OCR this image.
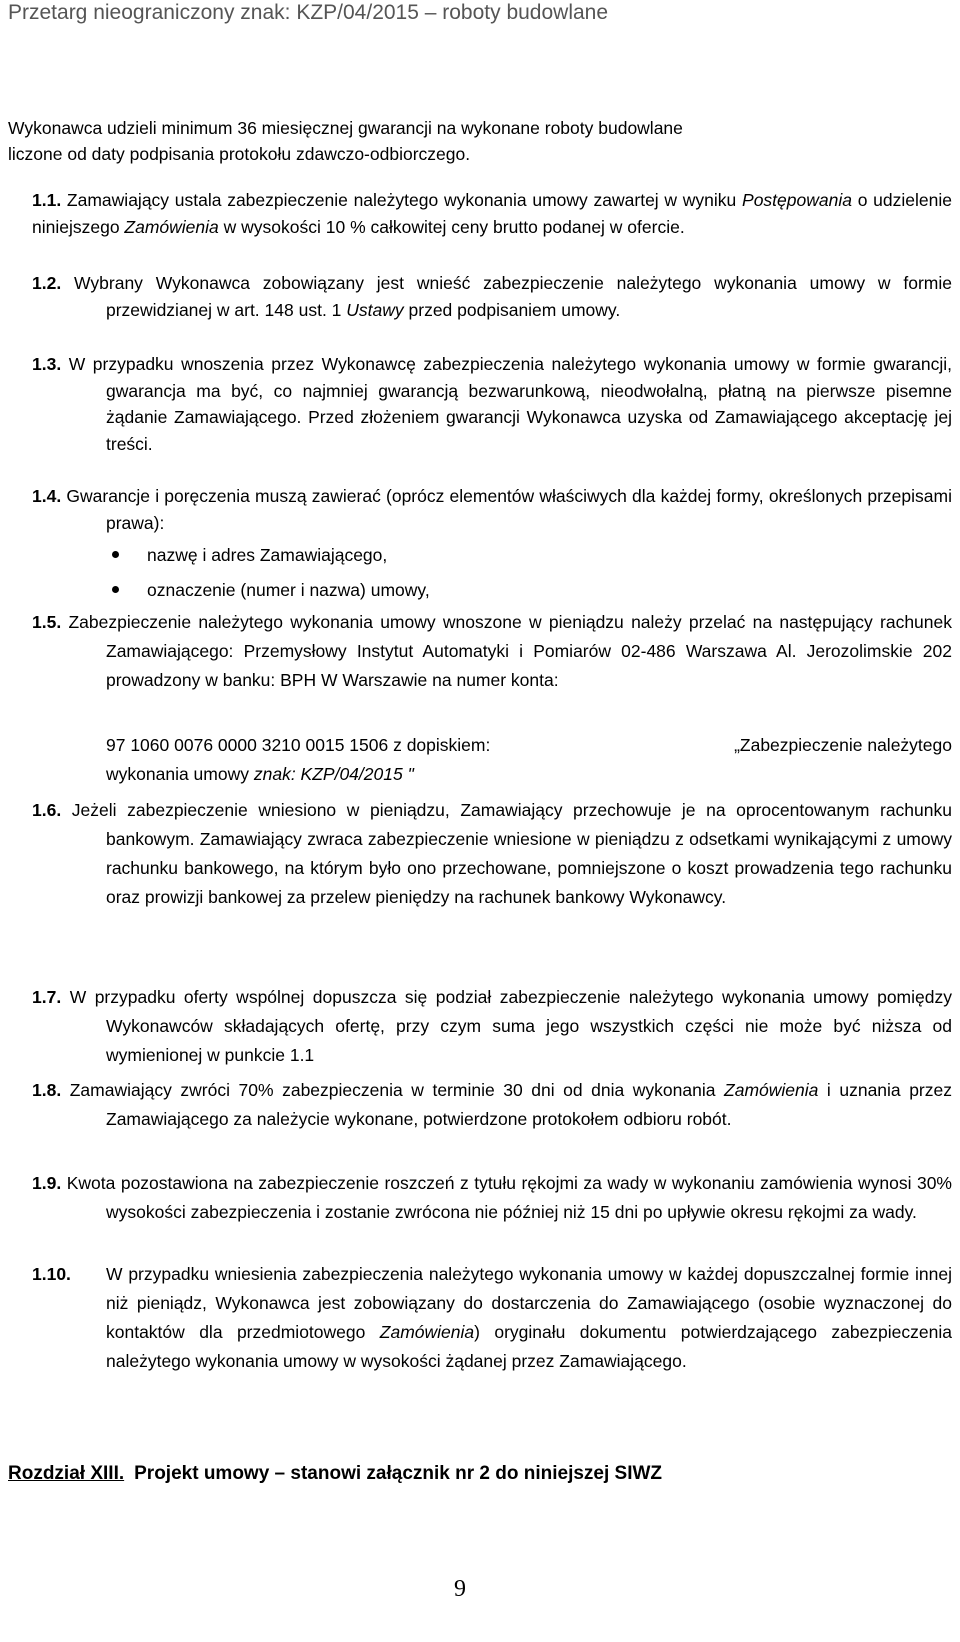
Przetarg nieograniczony znak: KZP/04/2015 – roboty budowlane
Wykonawca udzieli minimum 36 miesięcznej gwarancji na wykonane roboty budowlane
liczone od daty podpisania protokołu zdawczo-odbiorczego.
1.1. Zamawiający ustala zabezpieczenie należytego wykonania umowy zawartej w wyniku Postępowania o udzielenie niniejszego Zamówienia w wysokości 10 % całkowitej ceny brutto podanej w ofercie.
1.2. Wybrany Wykonawca zobowiązany jest wnieść zabezpieczenie należytego wykonania umowy w formie przewidzianej w art. 148 ust. 1 Ustawy przed podpisaniem umowy.
1.3. W przypadku wnoszenia przez Wykonawcę zabezpieczenia należytego wykonania umowy w formie gwarancji, gwarancja ma być, co najmniej gwarancją bezwarunkową, nieodwołalną, płatną na pierwsze pisemne żądanie Zamawiającego. Przed złożeniem gwarancji Wykonawca uzyska od Zamawiającego akceptację jej treści.
1.4. Gwarancje i poręczenia muszą zawierać (oprócz elementów właściwych dla każdej formy, określonych przepisami prawa):
nazwę i adres Zamawiającego,
oznaczenie (numer i nazwa) umowy,
1.5. Zabezpieczenie należytego wykonania umowy wnoszone w pieniądzu należy przelać na następujący rachunek Zamawiającego: Przemysłowy Instytut Automatyki i Pomiarów 02-486 Warszawa Al. Jerozolimskie 202 prowadzony w banku: BPH W Warszawie na numer konta:
97 1060 0076 0000 3210 0015 1506 z dopiskiem:	„Zabezpieczenie należytego
wykonania umowy znak: KZP/04/2015 "
1.6. Jeżeli zabezpieczenie wniesiono w pieniądzu, Zamawiający przechowuje je na oprocentowanym rachunku bankowym. Zamawiający zwraca zabezpieczenie wniesione w pieniądzu z odsetkami wynikającymi z umowy rachunku bankowego, na którym było ono przechowane, pomniejszone o koszt prowadzenia tego rachunku oraz prowizji bankowej za przelew pieniędzy na rachunek bankowy Wykonawcy.
1.7. W przypadku oferty wspólnej dopuszcza się podział zabezpieczenie należytego wykonania umowy pomiędzy Wykonawców składających ofertę, przy czym suma jego wszystkich części nie może być niższa od wymienionej w punkcie 1.1
1.8. Zamawiający zwróci 70% zabezpieczenia w terminie 30 dni od dnia wykonania Zamówienia i uznania przez Zamawiającego za należycie wykonane, potwierdzone protokołem odbioru robót.
1.9. Kwota pozostawiona na zabezpieczenie roszczeń z tytułu rękojmi za wady w wykonaniu zamówienia wynosi 30% wysokości zabezpieczenia i zostanie zwrócona nie później niż 15 dni po upływie okresu rękojmi za wady.
1.10. W przypadku wniesienia zabezpieczenia należytego wykonania umowy w każdej dopuszczalnej formie innej niż pieniądz, Wykonawca jest zobowiązany do dostarczenia do Zamawiającego (osobie wyznaczonej do kontaktów dla przedmiotowego Zamówienia) oryginału dokumentu potwierdzającego zabezpieczenia należytego wykonania umowy w wysokości żądanej przez Zamawiającego.
Rozdział XIII. Projekt umowy – stanowi załącznik nr 2 do niniejszej SIWZ
9
